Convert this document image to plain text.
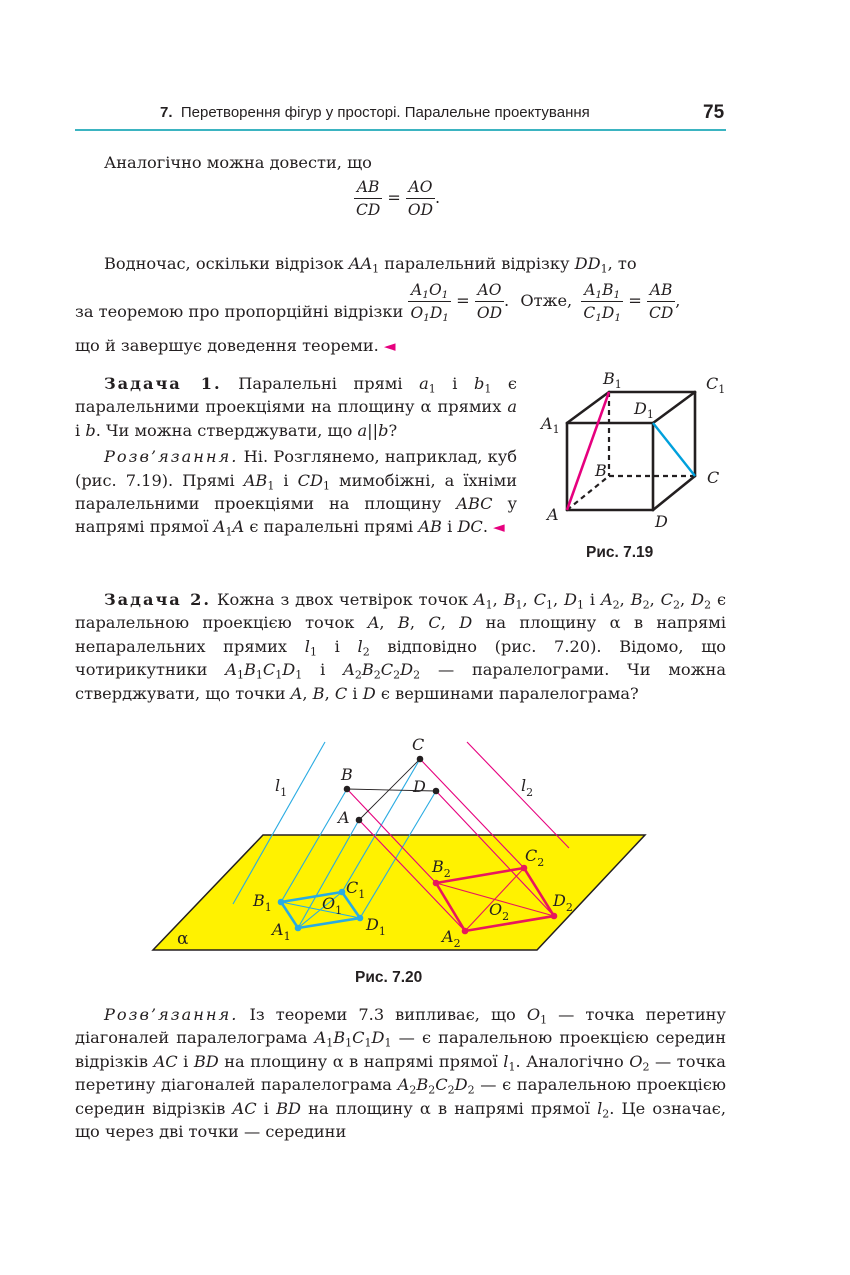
7. Перетворення фігур у просторі. Паралельне проектування	75
Аналогічно можна довести, що
$\frac{AB}{CD} = \frac{AO}{OD}$ .
Водночас, оскільки відрізок $AA_1$ паралельний відрізку $DD_1$, то
за теоремою про пропорційні відрізки $\frac{A_1O_1}{O_1D_1} = \frac{AO}{OD}$ . Отже, $\frac{A_1B_1}{C_1D_1} = \frac{AB}{CD}$ ,
що й завершує доведення теореми. ◄

Задача 1. Паралельні прямі $a_1$ і $b_1$ є паралельними проекціями на площину α прямих a і b. Чи можна стверджувати, що a||b?

Розв’язання. Ні. Розглянемо, наприклад, куб (рис. 7.19). Прямі $AB_1$ і $CD_1$ мимобіжні, а їхніми паралельними проекціями на площину ABC у напрямі прямої $A_1A$ є паралельні прямі AB і DC. ◄

A	D
C
B
$A_1$
$B_1$	$C_1$
$D_1$
Рис. 7.19

Задача 2. Кожна з двох четвірок точок $A_1$, $B_1$, $C_1$, $D_1$ і $A_2$, $B_2$, $C_2$, $D_2$ є паралельною проекцією точок A, B, C, D на площину α в напрямі непаралельних прямих $l_1$ і $l_2$ відповідно (рис. 7.20). Відомо, що чотирикутники $A_1B_1C_1D_1$ і $A_2B_2C_2D_2$ — паралелограми. Чи можна стверджувати, що точки A, B, C і D є вершинами паралелограма?

$l_1$	$l_2$
B
A
C
D
$B_1$
$C_1$
$O_1$
$D_1$
$A_1$
$B_2$
$C_2$
$O_2$
$D_2$
$A_2$
α
Рис. 7.20

Розв’язання. Із теореми 7.3 випливає, що $O_1$ — точка перетину діагоналей паралелограма $A_1B_1C_1D_1$ — є паралельною проекцією середин відрізків AC і BD на площину α в напрямі прямої $l_1$. Аналогічно $O_2$ — точка перетину діагоналей паралелограма $A_2B_2C_2D_2$ — є паралельною проекцією середин відрізків AC і BD на площину α в напрямі прямої $l_2$. Це означає, що через дві точки — середини
